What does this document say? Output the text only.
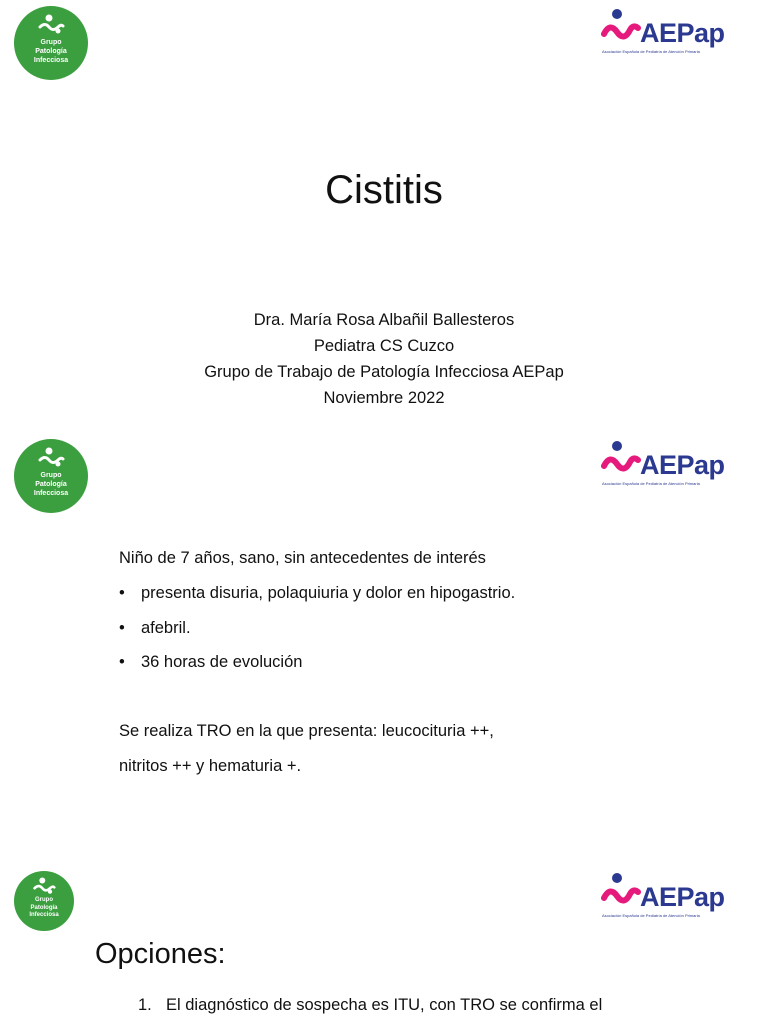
Grupo
Patología
Infecciosa
AEPap
Asociación Española de Pediatría de Atención Primaria
Cistitis
Dra. María Rosa Albañil Ballesteros
Pediatra CS Cuzco
Grupo de Trabajo de Patología Infecciosa AEPap
Noviembre 2022
Grupo
Patología
Infecciosa
AEPap
Asociación Española de Pediatría de Atención Primaria
Niño de 7 años, sano, sin antecedentes de interés
• presenta disuria, polaquiuria y dolor en hipogastrio.
• afebril.
• 36 horas de evolución
Se realiza TRO en la que presenta: leucocituria ++,
nitritos ++ y hematuria +.
Grupo
Patología
Infecciosa
AEPap
Asociación Española de Pediatría de Atención Primaria
Opciones:
1. El diagnóstico de sospecha es ITU, con TRO se confirma el
